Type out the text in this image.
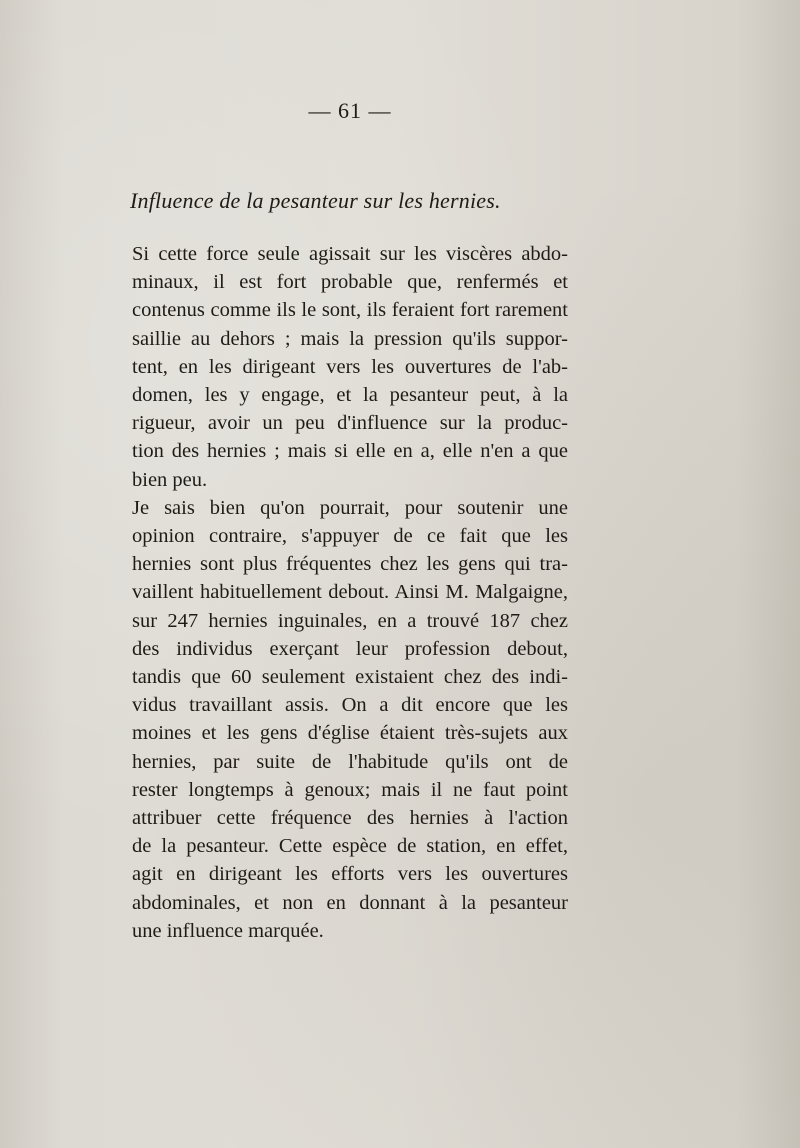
— 61 —
Influence de la pesanteur sur les hernies.

Si cette force seule agissait sur les viscères abdo-
minaux, il est fort probable que, renfermés et
contenus comme ils le sont, ils feraient fort rarement
saillie au dehors ; mais la pression qu'ils suppor-
tent, en les dirigeant vers les ouvertures de l'ab-
domen, les y engage, et la pesanteur peut, à la
rigueur, avoir un peu d'influence sur la produc-
tion des hernies ; mais si elle en a, elle n'en a que
bien peu.

Je sais bien qu'on pourrait, pour soutenir une
opinion contraire, s'appuyer de ce fait que les
hernies sont plus fréquentes chez les gens qui tra-
vaillent habituellement debout. Ainsi M. Malgaigne,
sur 247 hernies inguinales, en a trouvé 187 chez
des individus exerçant leur profession debout,
tandis que 60 seulement existaient chez des indi-
vidus travaillant assis. On a dit encore que les
moines et les gens d'église étaient très-sujets aux
hernies, par suite de l'habitude qu'ils ont de
rester longtemps à genoux; mais il ne faut point
attribuer cette fréquence des hernies à l'action
de la pesanteur. Cette espèce de station, en effet,
agit en dirigeant les efforts vers les ouvertures
abdominales, et non en donnant à la pesanteur
une influence marquée.
